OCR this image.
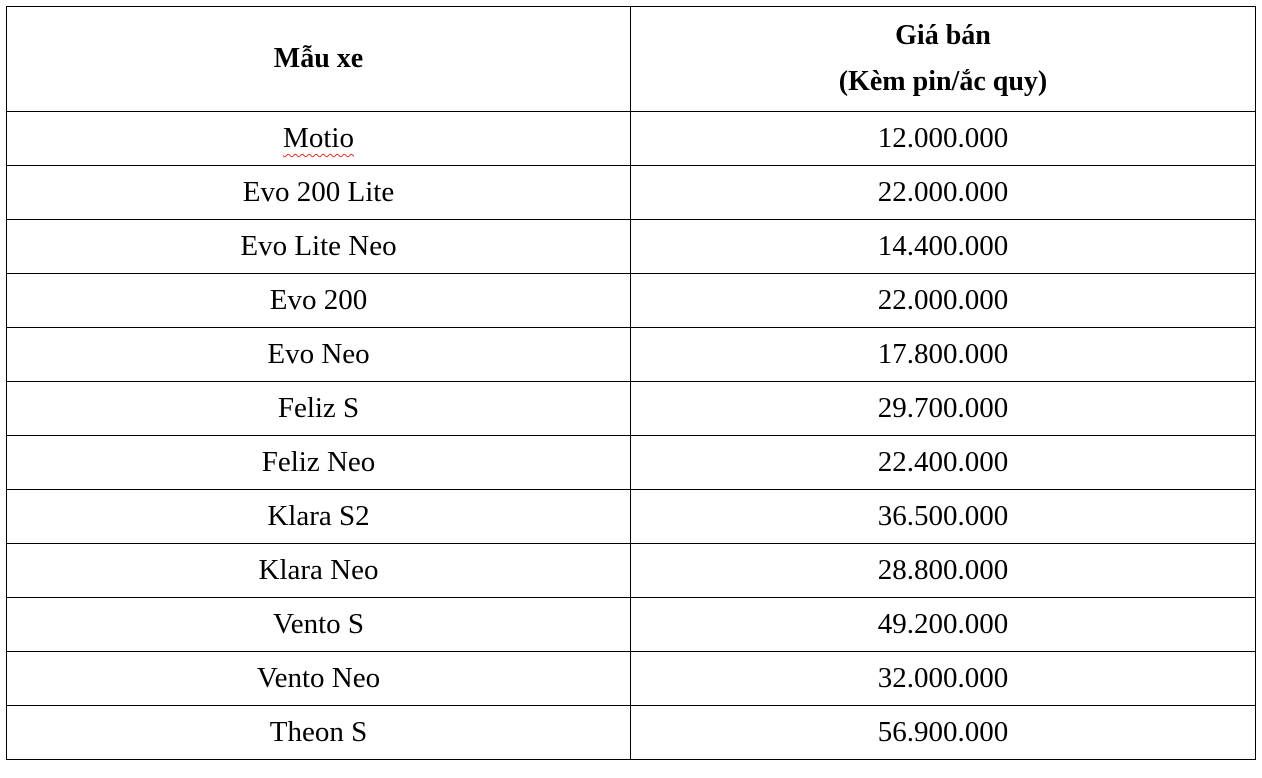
Mẫu xe	Giá bán
(Kèm pin/ắc quy)

Motio	12.000.000
Evo 200 Lite	22.000.000
Evo Lite Neo	14.400.000
Evo 200	22.000.000
Evo Neo	17.800.000
Feliz S	29.700.000
Feliz Neo	22.400.000
Klara S2	36.500.000
Klara Neo	28.800.000
Vento S	49.200.000
Vento Neo	32.000.000
Theon S	56.900.000
